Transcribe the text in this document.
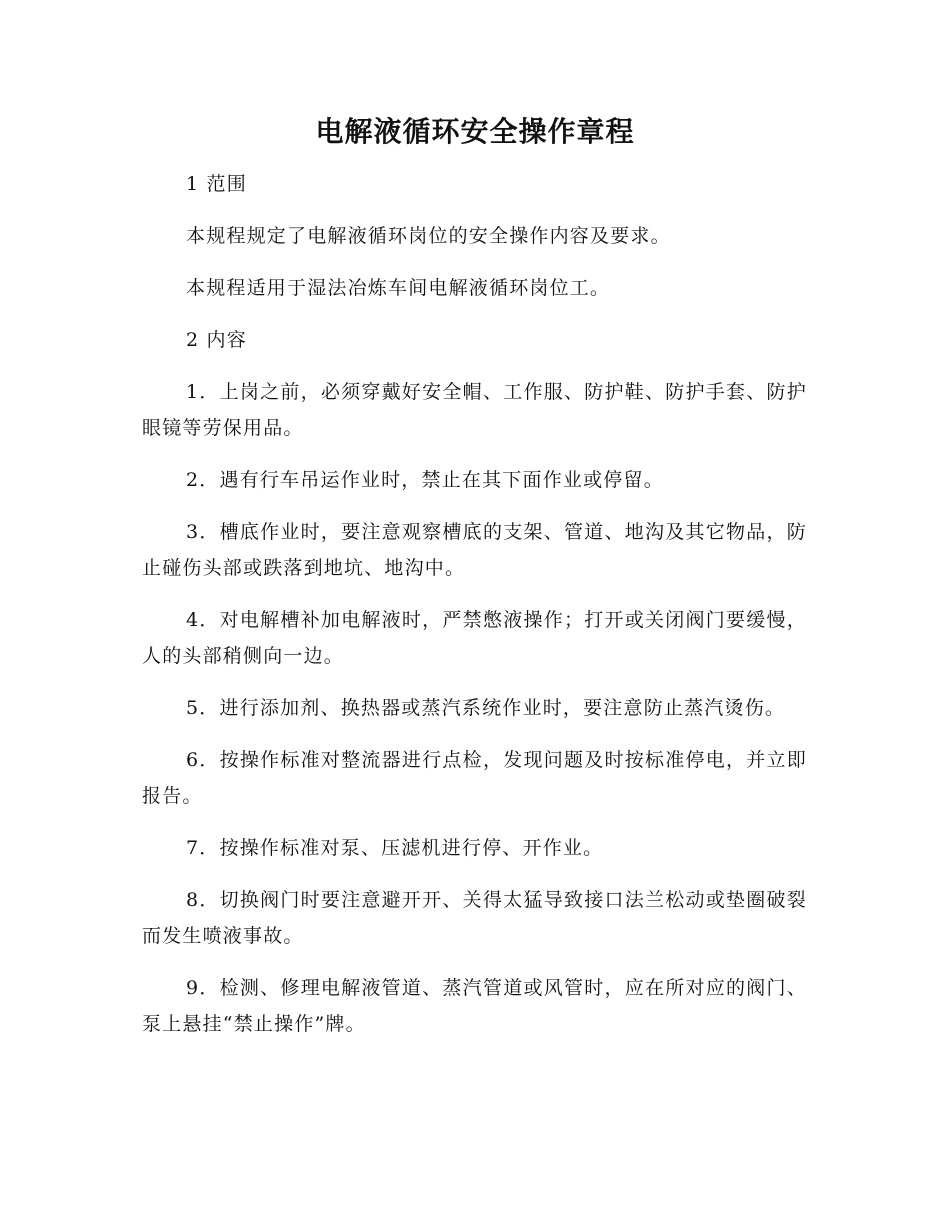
电解液循环安全操作章程

1 范围

本规程规定了电解液循环岗位的安全操作内容及要求。

本规程适用于湿法冶炼车间电解液循环岗位工。

2 内容

1．上岗之前，必须穿戴好安全帽、工作服、防护鞋、防护手套、防护眼镜等劳保用品。

2．遇有行车吊运作业时，禁止在其下面作业或停留。

3．槽底作业时，要注意观察槽底的支架、管道、地沟及其它物品，防止碰伤头部或跌落到地坑、地沟中。

4．对电解槽补加电解液时，严禁憋液操作；打开或关闭阀门要缓慢，人的头部稍侧向一边。

5．进行添加剂、换热器或蒸汽系统作业时，要注意防止蒸汽烫伤。

6．按操作标准对整流器进行点检，发现问题及时按标准停电，并立即报告。

7．按操作标准对泵、压滤机进行停、开作业。

8．切换阀门时要注意避开开、关得太猛导致接口法兰松动或垫圈破裂而发生喷液事故。

9．检测、修理电解液管道、蒸汽管道或风管时，应在所对应的阀门、泵上悬挂“禁止操作”牌。
